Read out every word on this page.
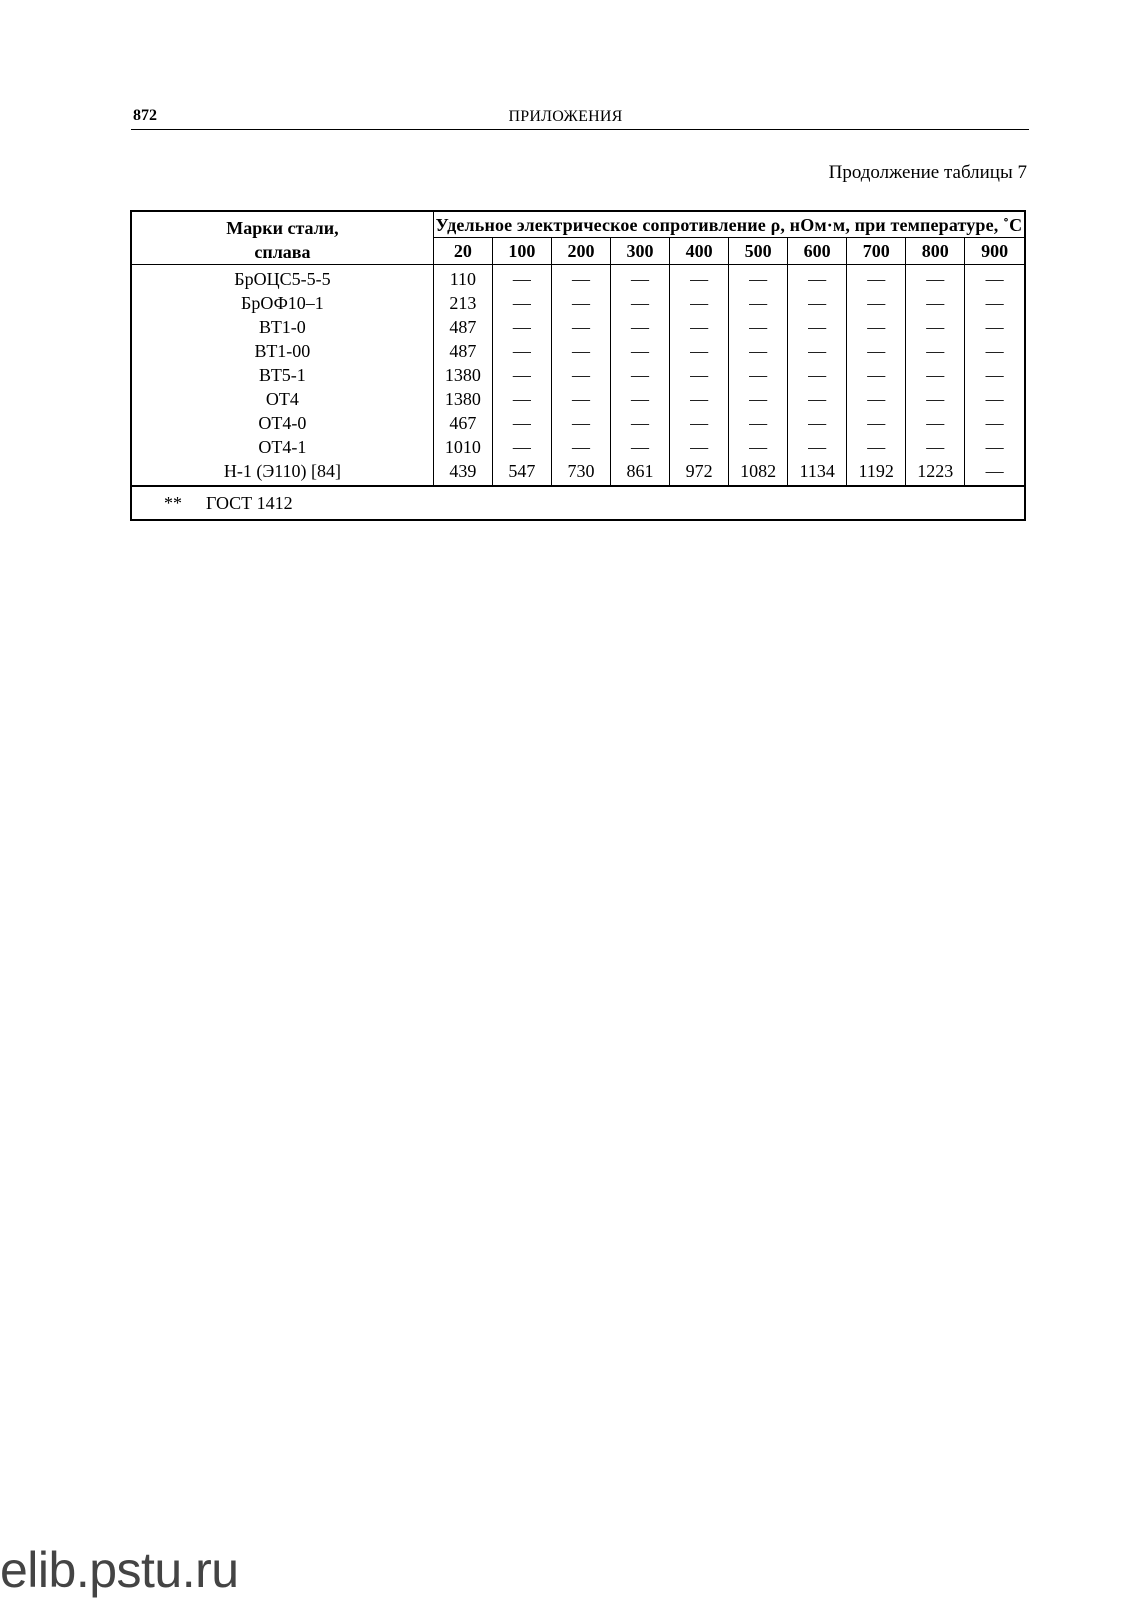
872	ПРИЛОЖЕНИЯ
Продолжение таблицы 7
Марки стали,
сплава	Удельное электрическое сопротивление ρ, нОм·м, при температуре, ˚С									
	20	100	200	300	400	500	600	700	800	900
БрОЦС5-5-5	110	—	—	—	—	—	—	—	—	—
БрОФ10–1	213	—	—	—	—	—	—	—	—	—
ВТ1-0	487	—	—	—	—	—	—	—	—	—
ВТ1-00	487	—	—	—	—	—	—	—	—	—
ВТ5-1	1380	—	—	—	—	—	—	—	—	—
ОТ4	1380	—	—	—	—	—	—	—	—	—
ОТ4-0	467	—	—	—	—	—	—	—	—	—
ОТ4-1	1010	—	—	—	—	—	—	—	—	—
Н-1 (Э110) [84]	439	547	730	861	972	1082	1134	1192	1223	—
** ГОСТ 1412
elib.pstu.ru
